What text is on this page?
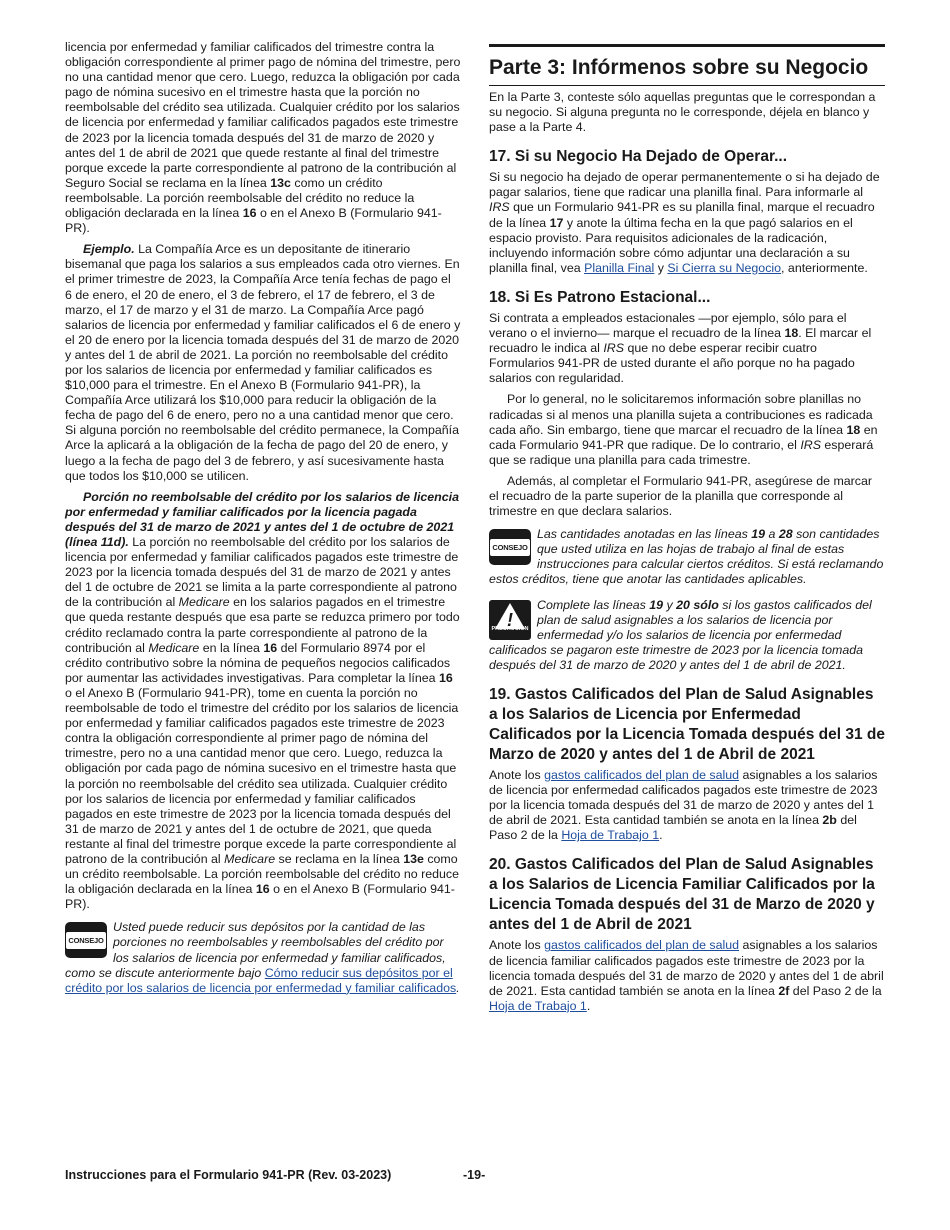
licencia por enfermedad y familiar calificados del trimestre contra la obligación correspondiente al primer pago de nómina del trimestre, pero no una cantidad menor que cero. Luego, reduzca la obligación por cada pago de nómina sucesivo en el trimestre hasta que la porción no reembolsable del crédito sea utilizada. Cualquier crédito por los salarios de licencia por enfermedad y familiar calificados pagados este trimestre de 2023 por la licencia tomada después del 31 de marzo de 2020 y antes del 1 de abril de 2021 que quede restante al final del trimestre porque excede la parte correspondiente al patrono de la contribución al Seguro Social se reclama en la línea 13c como un crédito reembolsable. La porción reembolsable del crédito no reduce la obligación declarada en la línea 16 o en el Anexo B (Formulario 941-PR).

Ejemplo. La Compañía Arce es un depositante de itinerario bisemanal que paga los salarios a sus empleados cada otro viernes. En el primer trimestre de 2023, la Compañía Arce tenía fechas de pago el 6 de enero, el 20 de enero, el 3 de febrero, el 17 de febrero, el 3 de marzo, el 17 de marzo y el 31 de marzo. La Compañía Arce pagó salarios de licencia por enfermedad y familiar calificados el 6 de enero y el 20 de enero por la licencia tomada después del 31 de marzo de 2020 y antes del 1 de abril de 2021. La porción no reembolsable del crédito por los salarios de licencia por enfermedad y familiar calificados es $10,000 para el trimestre. En el Anexo B (Formulario 941-PR), la Compañía Arce utilizará los $10,000 para reducir la obligación de la fecha de pago del 6 de enero, pero no a una cantidad menor que cero. Si alguna porción no reembolsable del crédito permanece, la Compañía Arce la aplicará a la obligación de la fecha de pago del 20 de enero, y luego a la fecha de pago del 3 de febrero, y así sucesivamente hasta que todos los $10,000 se utilicen.

Porción no reembolsable del crédito por los salarios de licencia por enfermedad y familiar calificados por la licencia pagada después del 31 de marzo de 2021 y antes del 1 de octubre de 2021 (línea 11d). La porción no reembolsable del crédito por los salarios de licencia por enfermedad y familiar calificados pagados este trimestre de 2023 por la licencia tomada después del 31 de marzo de 2021 y antes del 1 de octubre de 2021 se limita a la parte correspondiente al patrono de la contribución al Medicare en los salarios pagados en el trimestre que queda restante después que esa parte se reduzca primero por todo crédito reclamado contra la parte correspondiente al patrono de la contribución al Medicare en la línea 16 del Formulario 8974 por el crédito contributivo sobre la nómina de pequeños negocios calificados por aumentar las actividades investigativas. Para completar la línea 16 o el Anexo B (Formulario 941-PR), tome en cuenta la porción no reembolsable de todo el trimestre del crédito por los salarios de licencia por enfermedad y familiar calificados pagados este trimestre de 2023 contra la obligación correspondiente al primer pago de nómina del trimestre, pero no a una cantidad menor que cero. Luego, reduzca la obligación por cada pago de nómina sucesivo en el trimestre hasta que la porción no reembolsable del crédito sea utilizada. Cualquier crédito por los salarios de licencia por enfermedad y familiar calificados pagados en este trimestre de 2023 por la licencia tomada después del 31 de marzo de 2021 y antes del 1 de octubre de 2021, que queda restante al final del trimestre porque excede la parte correspondiente al patrono de la contribución al Medicare se reclama en la línea 13e como un crédito reembolsable. La porción reembolsable del crédito no reduce la obligación declarada en la línea 16 o en el Anexo B (Formulario 941-PR).

CONSEJO
Usted puede reducir sus depósitos por la cantidad de las porciones no reembolsables y reembolsables del crédito por los salarios de licencia por enfermedad y familiar calificados, como se discute anteriormente bajo Cómo reducir sus depósitos por el crédito por los salarios de licencia por enfermedad y familiar calificados.
Parte 3: Infórmenos sobre su Negocio

En la Parte 3, conteste sólo aquellas preguntas que le correspondan a su negocio. Si alguna pregunta no le corresponde, déjela en blanco y pase a la Parte 4.

17. Si su Negocio Ha Dejado de Operar...

Si su negocio ha dejado de operar permanentemente o si ha dejado de pagar salarios, tiene que radicar una planilla final. Para informarle al IRS que un Formulario 941-PR es su planilla final, marque el recuadro de la línea 17 y anote la última fecha en la que pagó salarios en el espacio provisto. Para requisitos adicionales de la radicación, incluyendo información sobre cómo adjuntar una declaración a su planilla final, vea Planilla Final y Si Cierra su Negocio, anteriormente.

18. Si Es Patrono Estacional...

Si contrata a empleados estacionales —por ejemplo, sólo para el verano o el invierno— marque el recuadro de la línea 18. El marcar el recuadro le indica al IRS que no debe esperar recibir cuatro Formularios 941-PR de usted durante el año porque no ha pagado salarios con regularidad.

Por lo general, no le solicitaremos información sobre planillas no radicadas si al menos una planilla sujeta a contribuciones es radicada cada año. Sin embargo, tiene que marcar el recuadro de la línea 18 en cada Formulario 941-PR que radique. De lo contrario, el IRS esperará que se radique una planilla para cada trimestre.

Además, al completar el Formulario 941-PR, asegúrese de marcar el recuadro de la parte superior de la planilla que corresponde al trimestre en que declara salarios.

CONSEJO
Las cantidades anotadas en las líneas 19 a 28 son cantidades que usted utiliza en las hojas de trabajo al final de estas instrucciones para calcular ciertos créditos. Si está reclamando estos créditos, tiene que anotar las cantidades aplicables.
!
PRECAUCION
Complete las líneas 19 y 20 sólo si los gastos calificados del plan de salud asignables a los salarios de licencia por enfermedad y/o los salarios de licencia por enfermedad calificados se pagaron este trimestre de 2023 por la licencia tomada después del 31 de marzo de 2020 y antes del 1 de abril de 2021.
19. Gastos Calificados del Plan de Salud Asignables a los Salarios de Licencia por Enfermedad Calificados por la Licencia Tomada después del 31 de Marzo de 2020 y antes del 1 de Abril de 2021

Anote los gastos calificados del plan de salud asignables a los salarios de licencia por enfermedad calificados pagados este trimestre de 2023 por la licencia tomada después del 31 de marzo de 2020 y antes del 1 de abril de 2021. Esta cantidad también se anota en la línea 2b del Paso 2 de la Hoja de Trabajo 1.

20. Gastos Calificados del Plan de Salud Asignables a los Salarios de Licencia Familiar Calificados por la Licencia Tomada después del 31 de Marzo de 2020 y antes del 1 de Abril de 2021

Anote los gastos calificados del plan de salud asignables a los salarios de licencia familiar calificados pagados este trimestre de 2023 por la licencia tomada después del 31 de marzo de 2020 y antes del 1 de abril de 2021. Esta cantidad también se anota en la línea 2f del Paso 2 de la Hoja de Trabajo 1.

Instrucciones para el Formulario 941-PR (Rev. 03-2023)	-19-
